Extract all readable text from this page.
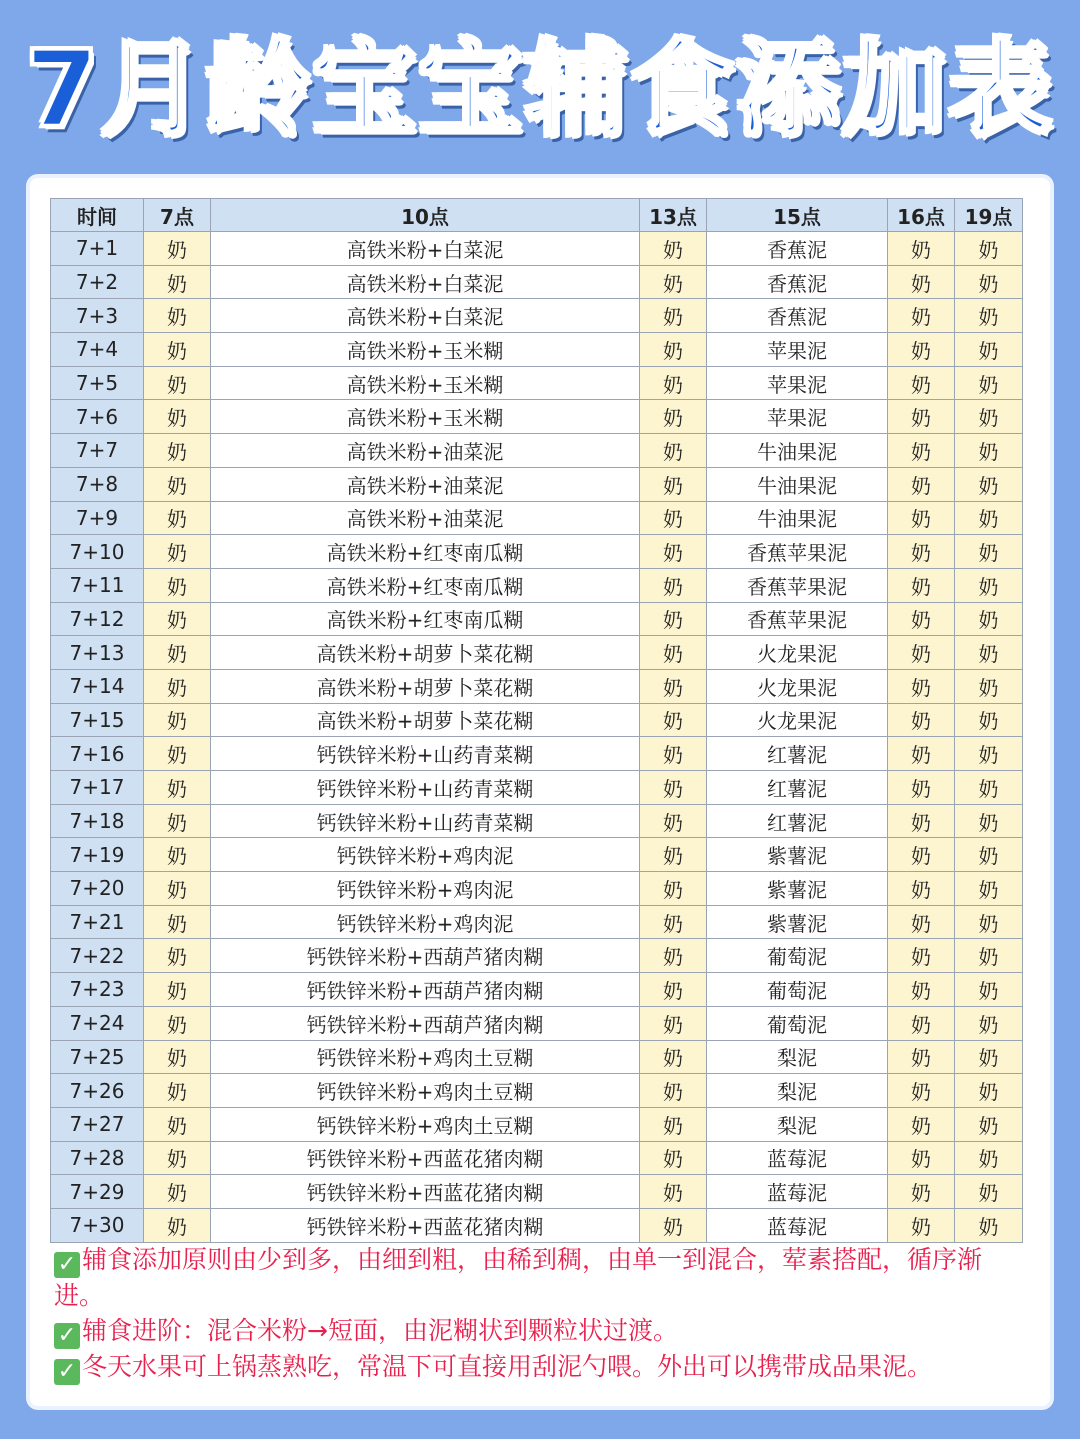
7月龄宝宝辅食添加表
时间	7点	10点	13点	15点	16点	19点
7+1	奶	高铁米粉+白菜泥	奶	香蕉泥	奶	奶
7+2	奶	高铁米粉+白菜泥	奶	香蕉泥	奶	奶
7+3	奶	高铁米粉+白菜泥	奶	香蕉泥	奶	奶
7+4	奶	高铁米粉+玉米糊	奶	苹果泥	奶	奶
7+5	奶	高铁米粉+玉米糊	奶	苹果泥	奶	奶
7+6	奶	高铁米粉+玉米糊	奶	苹果泥	奶	奶
7+7	奶	高铁米粉+油菜泥	奶	牛油果泥	奶	奶
7+8	奶	高铁米粉+油菜泥	奶	牛油果泥	奶	奶
7+9	奶	高铁米粉+油菜泥	奶	牛油果泥	奶	奶
7+10	奶	高铁米粉+红枣南瓜糊	奶	香蕉苹果泥	奶	奶
7+11	奶	高铁米粉+红枣南瓜糊	奶	香蕉苹果泥	奶	奶
7+12	奶	高铁米粉+红枣南瓜糊	奶	香蕉苹果泥	奶	奶
7+13	奶	高铁米粉+胡萝卜菜花糊	奶	火龙果泥	奶	奶
7+14	奶	高铁米粉+胡萝卜菜花糊	奶	火龙果泥	奶	奶
7+15	奶	高铁米粉+胡萝卜菜花糊	奶	火龙果泥	奶	奶
7+16	奶	钙铁锌米粉+山药青菜糊	奶	红薯泥	奶	奶
7+17	奶	钙铁锌米粉+山药青菜糊	奶	红薯泥	奶	奶
7+18	奶	钙铁锌米粉+山药青菜糊	奶	红薯泥	奶	奶
7+19	奶	钙铁锌米粉+鸡肉泥	奶	紫薯泥	奶	奶
7+20	奶	钙铁锌米粉+鸡肉泥	奶	紫薯泥	奶	奶
7+21	奶	钙铁锌米粉+鸡肉泥	奶	紫薯泥	奶	奶
7+22	奶	钙铁锌米粉+西葫芦猪肉糊	奶	葡萄泥	奶	奶
7+23	奶	钙铁锌米粉+西葫芦猪肉糊	奶	葡萄泥	奶	奶
7+24	奶	钙铁锌米粉+西葫芦猪肉糊	奶	葡萄泥	奶	奶
7+25	奶	钙铁锌米粉+鸡肉土豆糊	奶	梨泥	奶	奶
7+26	奶	钙铁锌米粉+鸡肉土豆糊	奶	梨泥	奶	奶
7+27	奶	钙铁锌米粉+鸡肉土豆糊	奶	梨泥	奶	奶
7+28	奶	钙铁锌米粉+西蓝花猪肉糊	奶	蓝莓泥	奶	奶
7+29	奶	钙铁锌米粉+西蓝花猪肉糊	奶	蓝莓泥	奶	奶
7+30	奶	钙铁锌米粉+西蓝花猪肉糊	奶	蓝莓泥	奶	奶
✓ 辅食添加原则由少到多，由细到粗，由稀到稠，由单一到混合，荤素搭配，循序渐进。
✓ 辅食进阶：混合米粉→短面，由泥糊状到颗粒状过渡。
✓ 冬天水果可上锅蒸熟吃，常温下可直接用刮泥勺喂。外出可以携带成品果泥。
